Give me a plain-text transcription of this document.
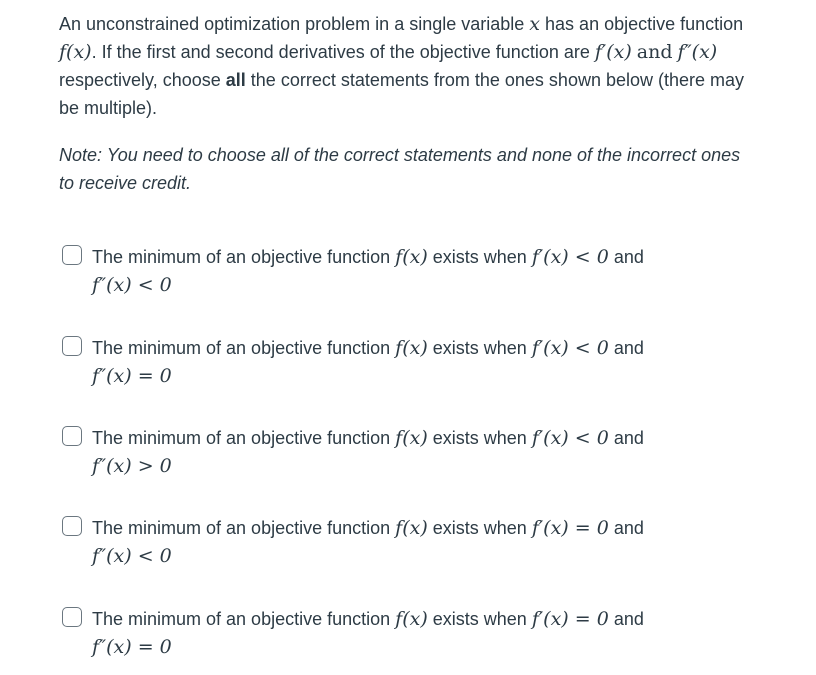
An unconstrained optimization problem in a single variable x has an objective function f(x). If the first and second derivatives of the objective function are f′(x) and f″(x) respectively, choose all the correct statements from the ones shown below (there may be multiple).
Note: You need to choose all of the correct statements and none of the incorrect ones to receive credit.
The minimum of an objective function f(x) exists when f′(x) < 0 and
f″(x) < 0
The minimum of an objective function f(x) exists when f′(x) < 0 and
f″(x) = 0
The minimum of an objective function f(x) exists when f′(x) < 0 and
f″(x) > 0
The minimum of an objective function f(x) exists when f′(x) = 0 and
f″(x) < 0
The minimum of an objective function f(x) exists when f′(x) = 0 and
f″(x) = 0
